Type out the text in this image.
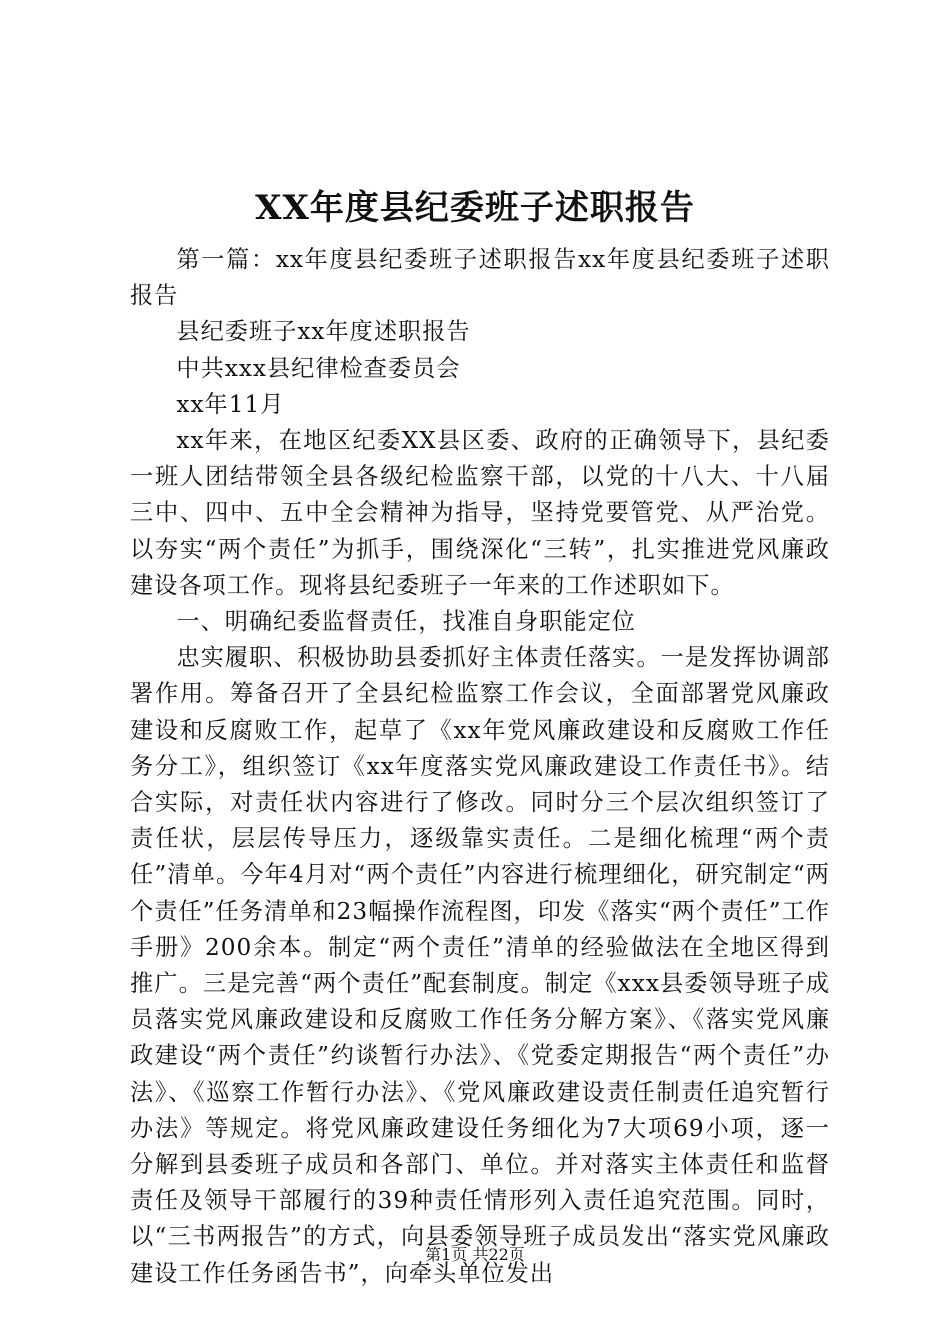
XX年度县纪委班子述职报告

第一篇：xx年度县纪委班子述职报告xx年度县纪委班子述职报告

县纪委班子xx年度述职报告

中共xxx县纪律检查委员会

xx年11月

xx年来，在地区纪委XX县区委、政府的正确领导下，县纪委一班人团结带领全县各级纪检监察干部，以党的十八大、十八届三中、四中、五中全会精神为指导，坚持党要管党、从严治党。以夯实“两个责任”为抓手，围绕深化“三转”，扎实推进党风廉政建设各项工作。现将县纪委班子一年来的工作述职如下。

一、明确纪委监督责任，找准自身职能定位

忠实履职、积极协助县委抓好主体责任落实。一是发挥协调部署作用。筹备召开了全县纪检监察工作会议，全面部署党风廉政建设和反腐败工作，起草了《xx年党风廉政建设和反腐败工作任务分工》，组织签订《xx年度落实党风廉政建设工作责任书》。结合实际，对责任状内容进行了修改。同时分三个层次组织签订了责任状，层层传导压力，逐级靠实责任。二是细化梳理“两个责任”清单。今年4月对“两个责任”内容进行梳理细化，研究制定“两个责任”任务清单和23幅操作流程图，印发《落实“两个责任”工作手册》200余本。制定“两个责任”清单的经验做法在全地区得到推广。三是完善“两个责任”配套制度。制定《xxx县委领导班子成员落实党风廉政建设和反腐败工作任务分解方案》、《落实党风廉政建设“两个责任”约谈暂行办法》、《党委定期报告“两个责任”办法》、《巡察工作暂行办法》、《党风廉政建设责任制责任追究暂行办法》等规定。将党风廉政建设任务细化为7大项69小项，逐一分解到县委班子成员和各部门、单位。并对落实主体责任和监督责任及领导干部履行的39种责任情形列入责任追究范围。同时，以“三书两报告”的方式，向县委领导班子成员发出“落实党风廉政建设工作任务函告书”，向牵头单位发出

第1页 共22页
